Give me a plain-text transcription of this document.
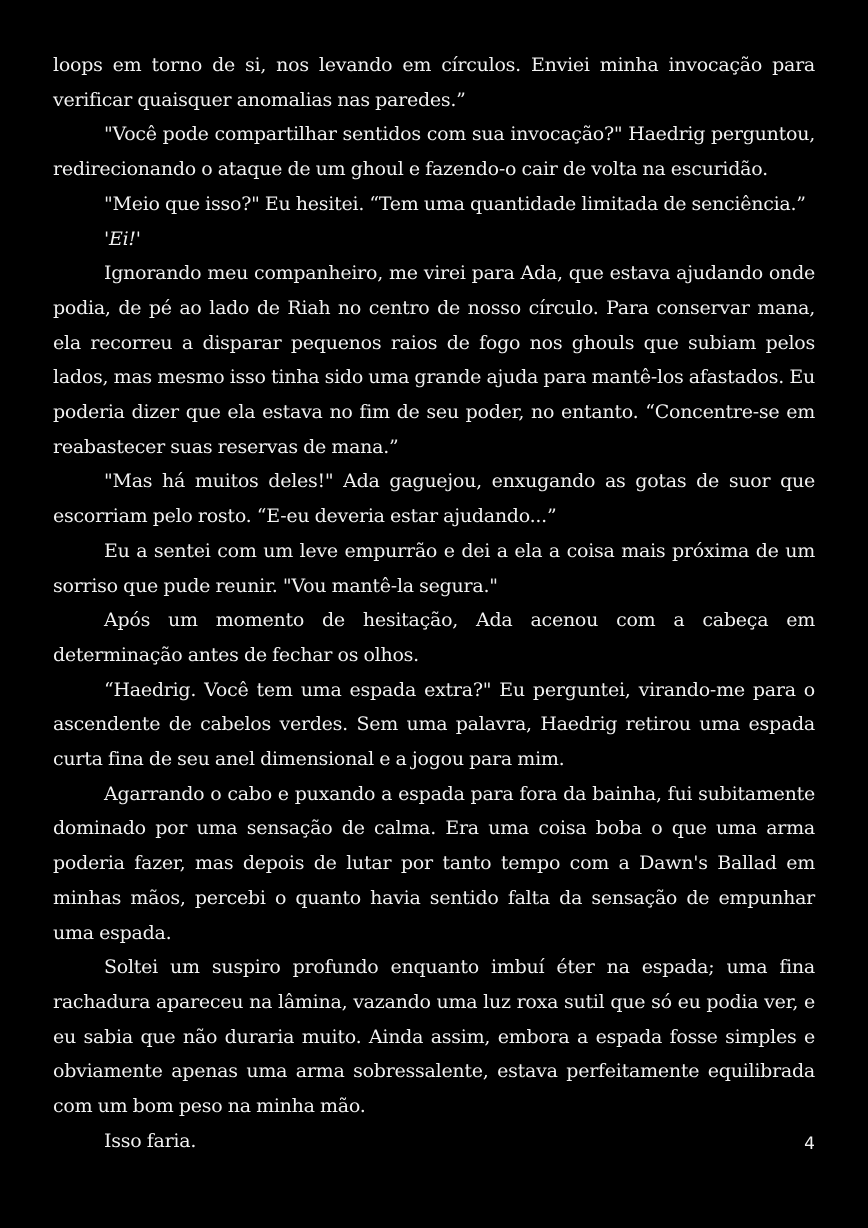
loops em torno de si, nos levando em círculos. Enviei minha invocação para verificar quaisquer anomalias nas paredes.”

"Você pode compartilhar sentidos com sua invocação?" Haedrig perguntou, redirecionando o ataque de um ghoul e fazendo-o cair de volta na escuridão.

"Meio que isso?" Eu hesitei. “Tem uma quantidade limitada de senciência.”

'Ei!'

Ignorando meu companheiro, me virei para Ada, que estava ajudando onde podia, de pé ao lado de Riah no centro de nosso círculo. Para conservar mana, ela recorreu a disparar pequenos raios de fogo nos ghouls que subiam pelos lados, mas mesmo isso tinha sido uma grande ajuda para mantê-los afastados. Eu poderia dizer que ela estava no fim de seu poder, no entanto. “Concentre-se em reabastecer suas reservas de mana.”

"Mas há muitos deles!" Ada gaguejou, enxugando as gotas de suor que escorriam pelo rosto. “E-eu deveria estar ajudando...”

Eu a sentei com um leve empurrão e dei a ela a coisa mais próxima de um sorriso que pude reunir. "Vou mantê-la segura."

Após um momento de hesitação, Ada acenou com a cabeça em determinação antes de fechar os olhos.

“Haedrig. Você tem uma espada extra?" Eu perguntei, virando-me para o ascendente de cabelos verdes. Sem uma palavra, Haedrig retirou uma espada curta fina de seu anel dimensional e a jogou para mim.

Agarrando o cabo e puxando a espada para fora da bainha, fui subitamente dominado por uma sensação de calma. Era uma coisa boba o que uma arma poderia fazer, mas depois de lutar por tanto tempo com a Dawn's Ballad em minhas mãos, percebi o quanto havia sentido falta da sensação de empunhar uma espada.

Soltei um suspiro profundo enquanto imbuí éter na espada; uma fina rachadura apareceu na lâmina, vazando uma luz roxa sutil que só eu podia ver, e eu sabia que não duraria muito. Ainda assim, embora a espada fosse simples e obviamente apenas uma arma sobressalente, estava perfeitamente equilibrada com um bom peso na minha mão.

Isso faria.	4
